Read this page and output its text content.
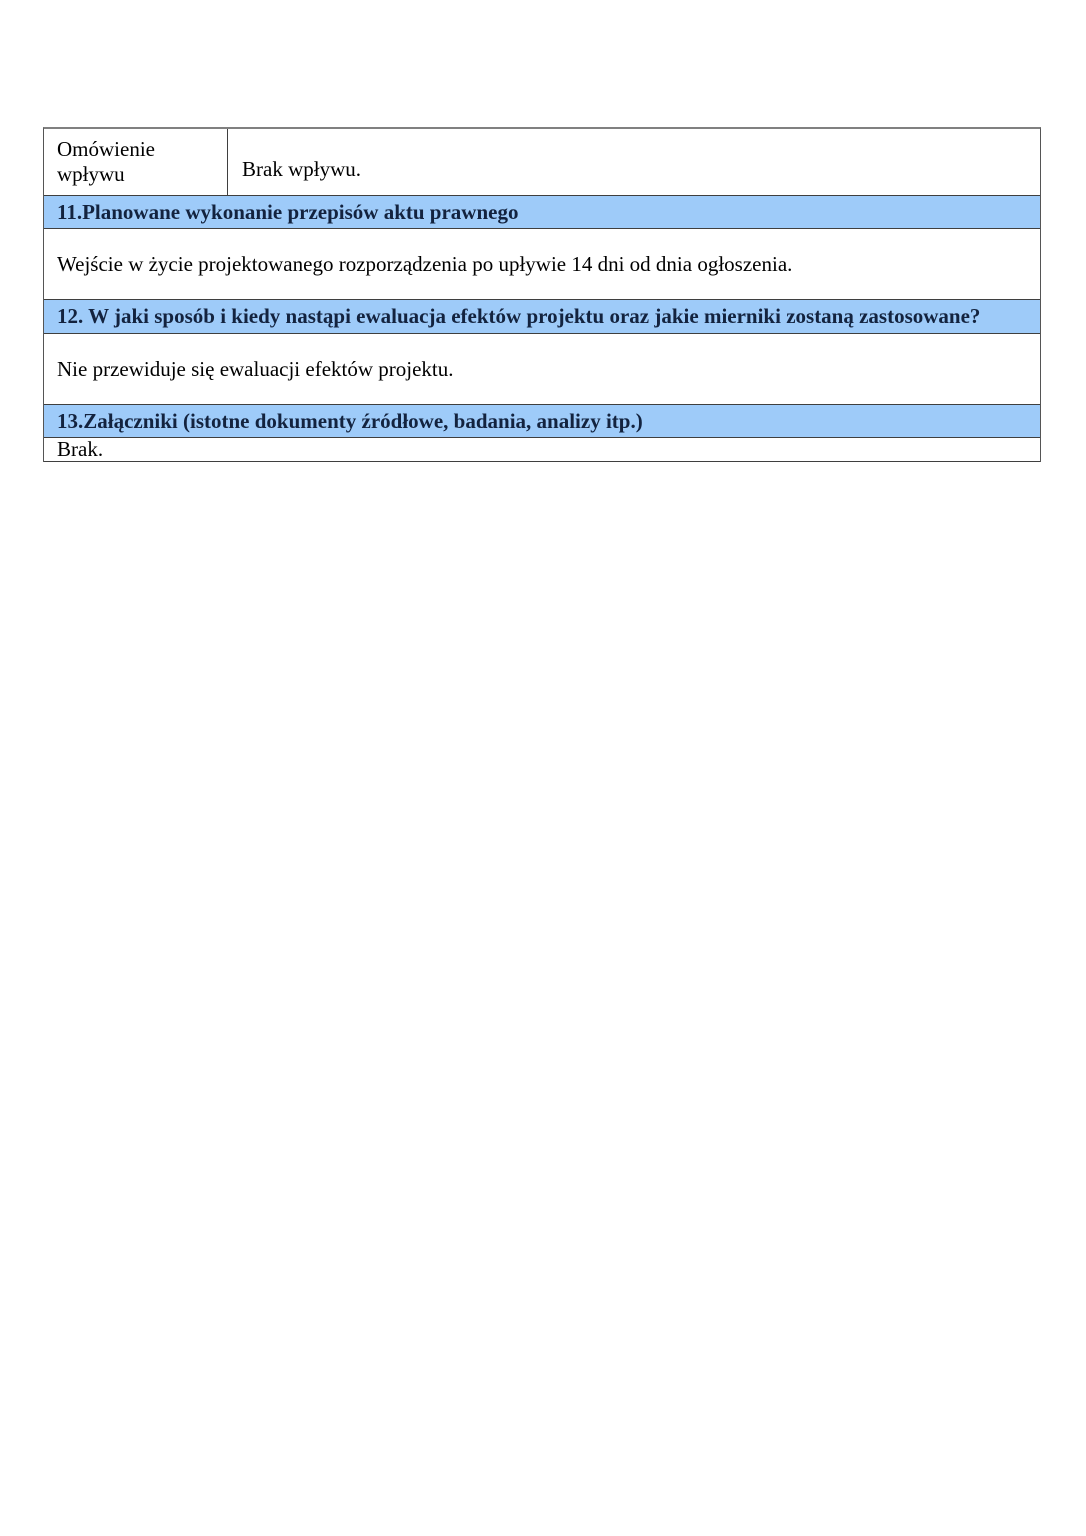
Omówienie wpływu	Brak wpływu.
11.Planowane wykonanie przepisów aktu prawnego
Wejście w życie projektowanego rozporządzenia po upływie 14 dni od dnia ogłoszenia.
12. W jaki sposób i kiedy nastąpi ewaluacja efektów projektu oraz jakie mierniki zostaną zastosowane?
Nie przewiduje się ewaluacji efektów projektu.
13.Załączniki (istotne dokumenty źródłowe, badania, analizy itp.)
Brak.
